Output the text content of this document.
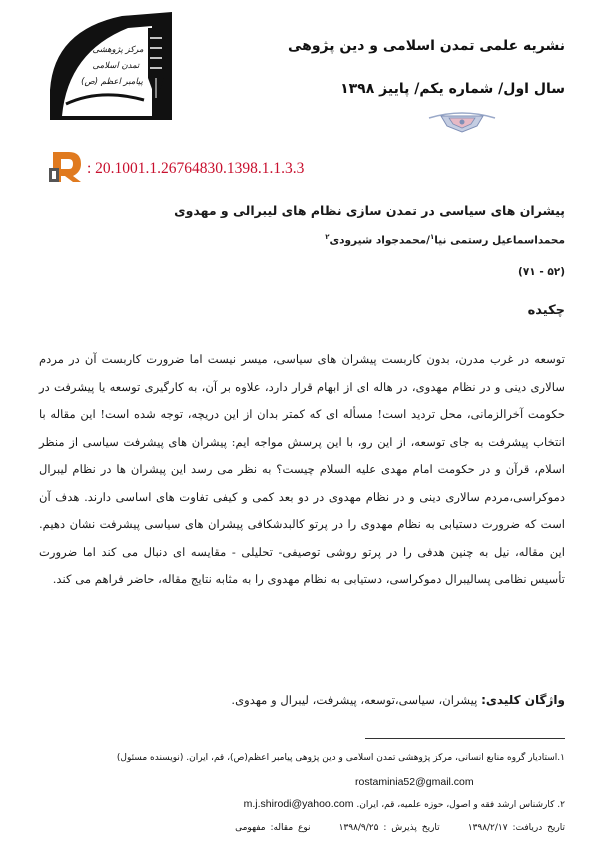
مرکز پژوهشی
تمدن اسلامی
پیامبر اعظم (ص)
نشریه علمی تمدن اسلامی و دین پژوهی
سال اول/ شماره یکم/ پاییز ۱۳۹۸
: 20.1001.1.26764830.1398.1.1.3.3
پیشران های سیاسی در تمدن سازی نظام های لیبرالی و مهدوی
محمداسماعیل رستمی نیا$^۱$/محمدجواد شیرودی$^۲$
(۵۲ - ۷۱)
چکیده

توسعه در غرب مدرن، بدون کاربست پیشران های سیاسی، میسر نیست اما ضرورت کاربست آن در مردم سالاری دینی و در نظام مهدوی، در هاله ای از ابهام قرار دارد، علاوه بر آن، به کارگیری توسعه یا پیشرفت در حکومت آخرالزمانی، محل تردید است! مسأله ای که کمتر بدان از این دریچه، توجه شده است! این مقاله با انتخاب پیشرفت به جای توسعه، از این رو، با این پرسش مواجه ایم: پیشران های پیشرفت سیاسی از منظر اسلام، قرآن و در حکومت امام مهدی علیه السلام چیست؟ به نظر می رسد این پیشران ها در نظام لیبرال دموکراسی،مردم سالاری دینی و در نظام مهدوی در دو بعد کمی و کیفی تفاوت های اساسی دارند. هدف آن است که ضرورت دستیابی به نظام مهدوی را در پرتو کالبدشکافی پیشران های سیاسی پیشرفت نشان دهیم. این مقاله، نیل به چنین هدفی را در پرتو روشی توصیفی- تحلیلی - مقایسه ای دنبال می کند اما ضرورت تأسیس نظامی پسالیبرال دموکراسی، دستیابی به نظام مهدوی را به مثابه نتایج مقاله، حاضر فراهم می کند.

واژگان کلیدی: پیشران، سیاسی،توسعه، پیشرفت، لیبرال و مهدوی.
۱.استادیار گروه منابع انسانی، مرکز پژوهشی تمدن اسلامی و دین پژوهی پیامبر اعظم(ص)، قم، ایران. (نویسنده مسئول)
rostaminia52@gmail.com
۲. کارشناس ارشد فقه و اصول، حوزه علمیه، قم، ایران. m.j.shirodi@yahoo.com
تاریخ دریافت: ۱۳۹۸/۲/۱۷تاریخ پذیرش : ۱۳۹۸/۹/۲۵نوع مقاله: مفهومی
